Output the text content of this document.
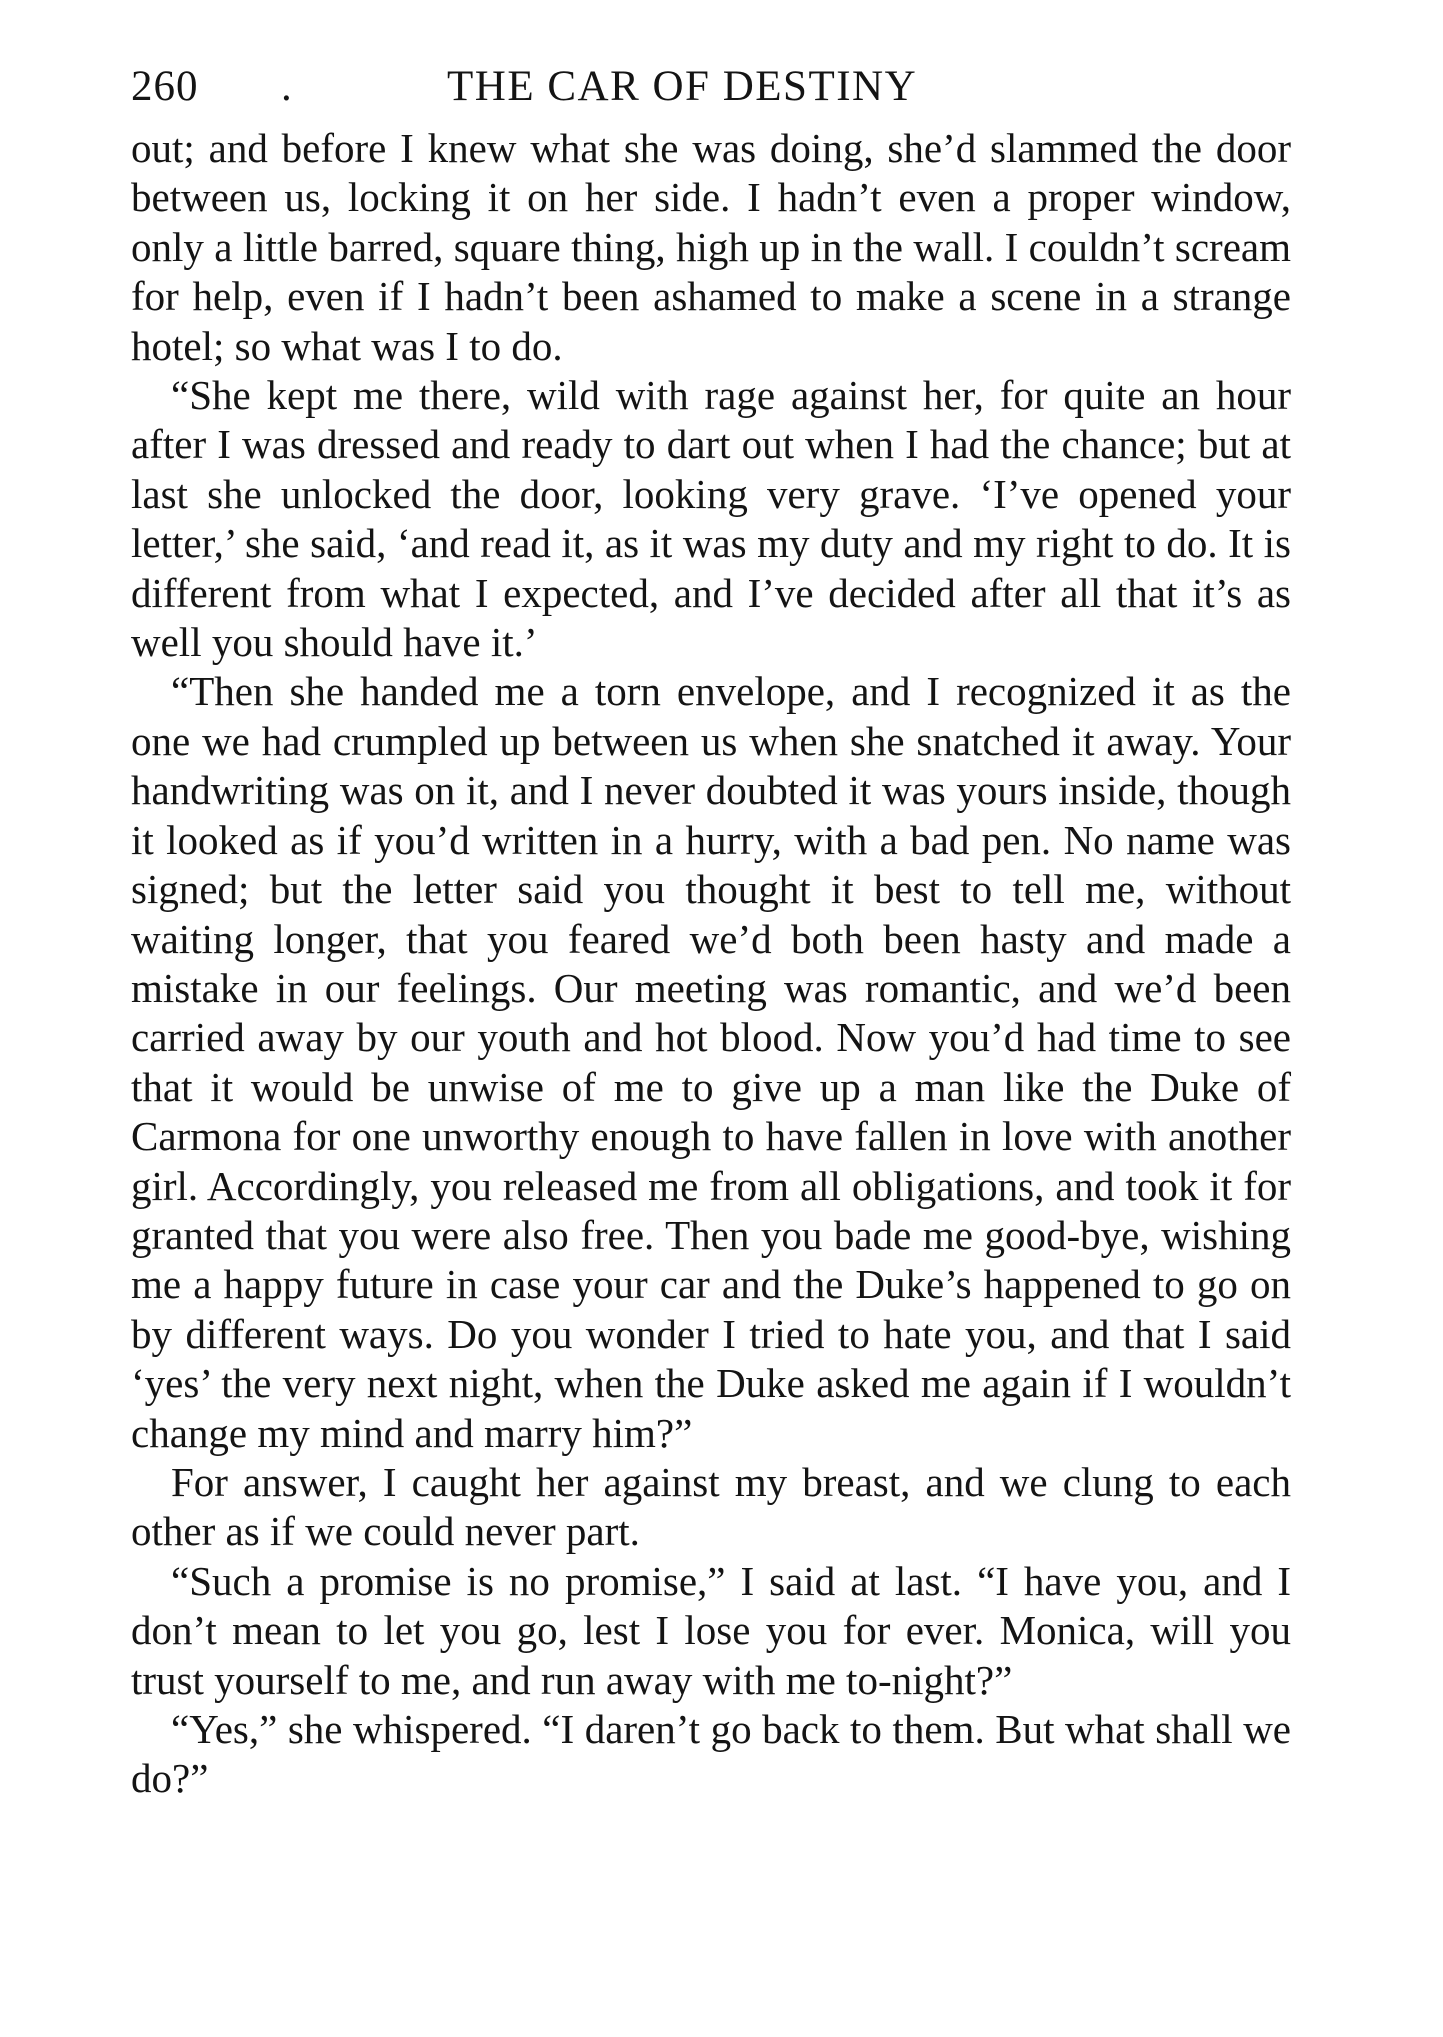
260 .	THE CAR OF DESTINY

out; and before I knew what she was doing, she’d slammed the door between us, locking it on her side. I hadn’t even a proper window, only a little barred, square thing, high up in the wall. I couldn’t scream for help, even if I hadn’t been ashamed to make a scene in a strange hotel; so what was I to do.

“She kept me there, wild with rage against her, for quite an hour after I was dressed and ready to dart out when I had the chance; but at last she unlocked the door, looking very grave. ‘I’ve opened your letter,’ she said, ‘and read it, as it was my duty and my right to do. It is different from what I expected, and I’ve decided after all that it’s as well you should have it.’

“Then she handed me a torn envelope, and I recognized it as the one we had crumpled up between us when she snatched it away. Your handwriting was on it, and I never doubted it was yours inside, though it looked as if you’d written in a hurry, with a bad pen. No name was signed; but the letter said you thought it best to tell me, without waiting longer, that you feared we’d both been hasty and made a mistake in our feelings. Our meeting was romantic, and we’d been carried away by our youth and hot blood. Now you’d had time to see that it would be unwise of me to give up a man like the Duke of Carmona for one unworthy enough to have fallen in love with another girl. Accordingly, you released me from all obligations, and took it for granted that you were also free. Then you bade me good-bye, wishing me a happy future in case your car and the Duke’s happened to go on by different ways. Do you wonder I tried to hate you, and that I said ‘yes’ the very next night, when the Duke asked me again if I wouldn’t change my mind and marry him?”

For answer, I caught her against my breast, and we clung to each other as if we could never part.

“Such a promise is no promise,” I said at last. “I have you, and I don’t mean to let you go, lest I lose you for ever. Monica, will you trust yourself to me, and run away with me to-night?”

“Yes,” she whispered. “I daren’t go back to them. But what shall we do?”
